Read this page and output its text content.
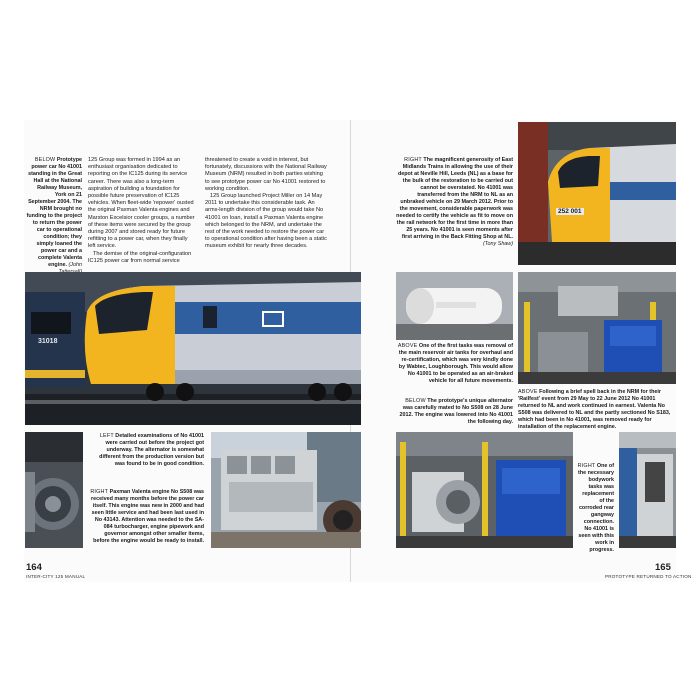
BELOW Prototype power car No 41001 standing in the Great Hall at the National Railway Museum, York on 21 September 2004. The NRM brought no funding to the project to return the power car to operational condition; they simply loaned the power car and a complete Valenta engine. (John

125 Group was formed in 1994 as an enthusiast organisation dedicated to reporting on the IC125 during its service career. There was also a long-term aspiration of building a foundation for possible future preservation of IC125 vehicles. When fleet-wide 'repower' ousted the original Paxman Valenta engines and Marston Excelsior cooler groups, a number of these items were secured by the group during 2007 and stored ready for future refitting to a power car, when they finally left service.

The demise of the original-configuration IC125 power car from normal service

threatened to create a void in interest, but fortunately, discussions with the National Railway Museum (NRM) resulted in both parties wishing to see prototype power car No 41001 restored to working condition.

125 Group launched Project Miller on 14 May 2011 to undertake this considerable task. An arms-length division of the group would take No 41001 on loan, install a Paxman Valenta engine which belonged to the NRM, and undertake the rest of the work needed to restore the power car to operational condition after having been a static museum exhibit for nearly three decades.

31018
LEFT Detailed examinations of No 41001 were carried out before the project got underway. The alternator is somewhat different from the production version but was found to be in good condition.
RIGHT Paxman Valenta engine No S508 was received many months before the power car itself. This engine was new in 2000 and had seen little service and had been last used in No 43143. Attention was needed to the SA-084 turbocharger, engine pipework and governor amongst other smaller items, before the engine would be ready to install.
164
INTER-CITY 125 MANUAL
RIGHT The magnificent generosity of East Midlands Trains in allowing the use of their depot at Neville Hill, Leeds (NL) as a base for the bulk of the restoration to be carried out cannot be overstated. No 41001 was transferred from the NRM to NL as an unbraked vehicle on 29 March 2012. Prior to the movement, considerable paperwork was needed to certify the vehicle as fit to move on the rail network for the first time in more than 25 years. No 41001 is seen moments after first arriving in the Back Fitting Shop at NL. (Tony Shaw)
252 001
ABOVE One of the first tasks was removal of the main reservoir air tanks for overhaul and re-certification, which was very kindly done by Wabtec, Loughborough. This would allow No 41001 to be operated as an air-braked vehicle for all future movements.
BELOW The prototype's unique alternator was carefully mated to No S508 on 28 June 2012. The engine was lowered into No 41001 the following day.
ABOVE Following a brief spell back in the NRM for their 'Railfest' event from 29 May to 22 June 2012 No 41001 returned to NL and work continued in earnest. Valenta No S508 was delivered to NL and the partly sectioned No S183, which had been in No 41001, was removed ready for installation of the replacement engine.
RIGHT One of the necessary bodywork tasks was replacement of the corroded rear gangway connection. No 41001 is seen with this work in progress.
165
PROTOTYPE RETURNED TO ACTION
